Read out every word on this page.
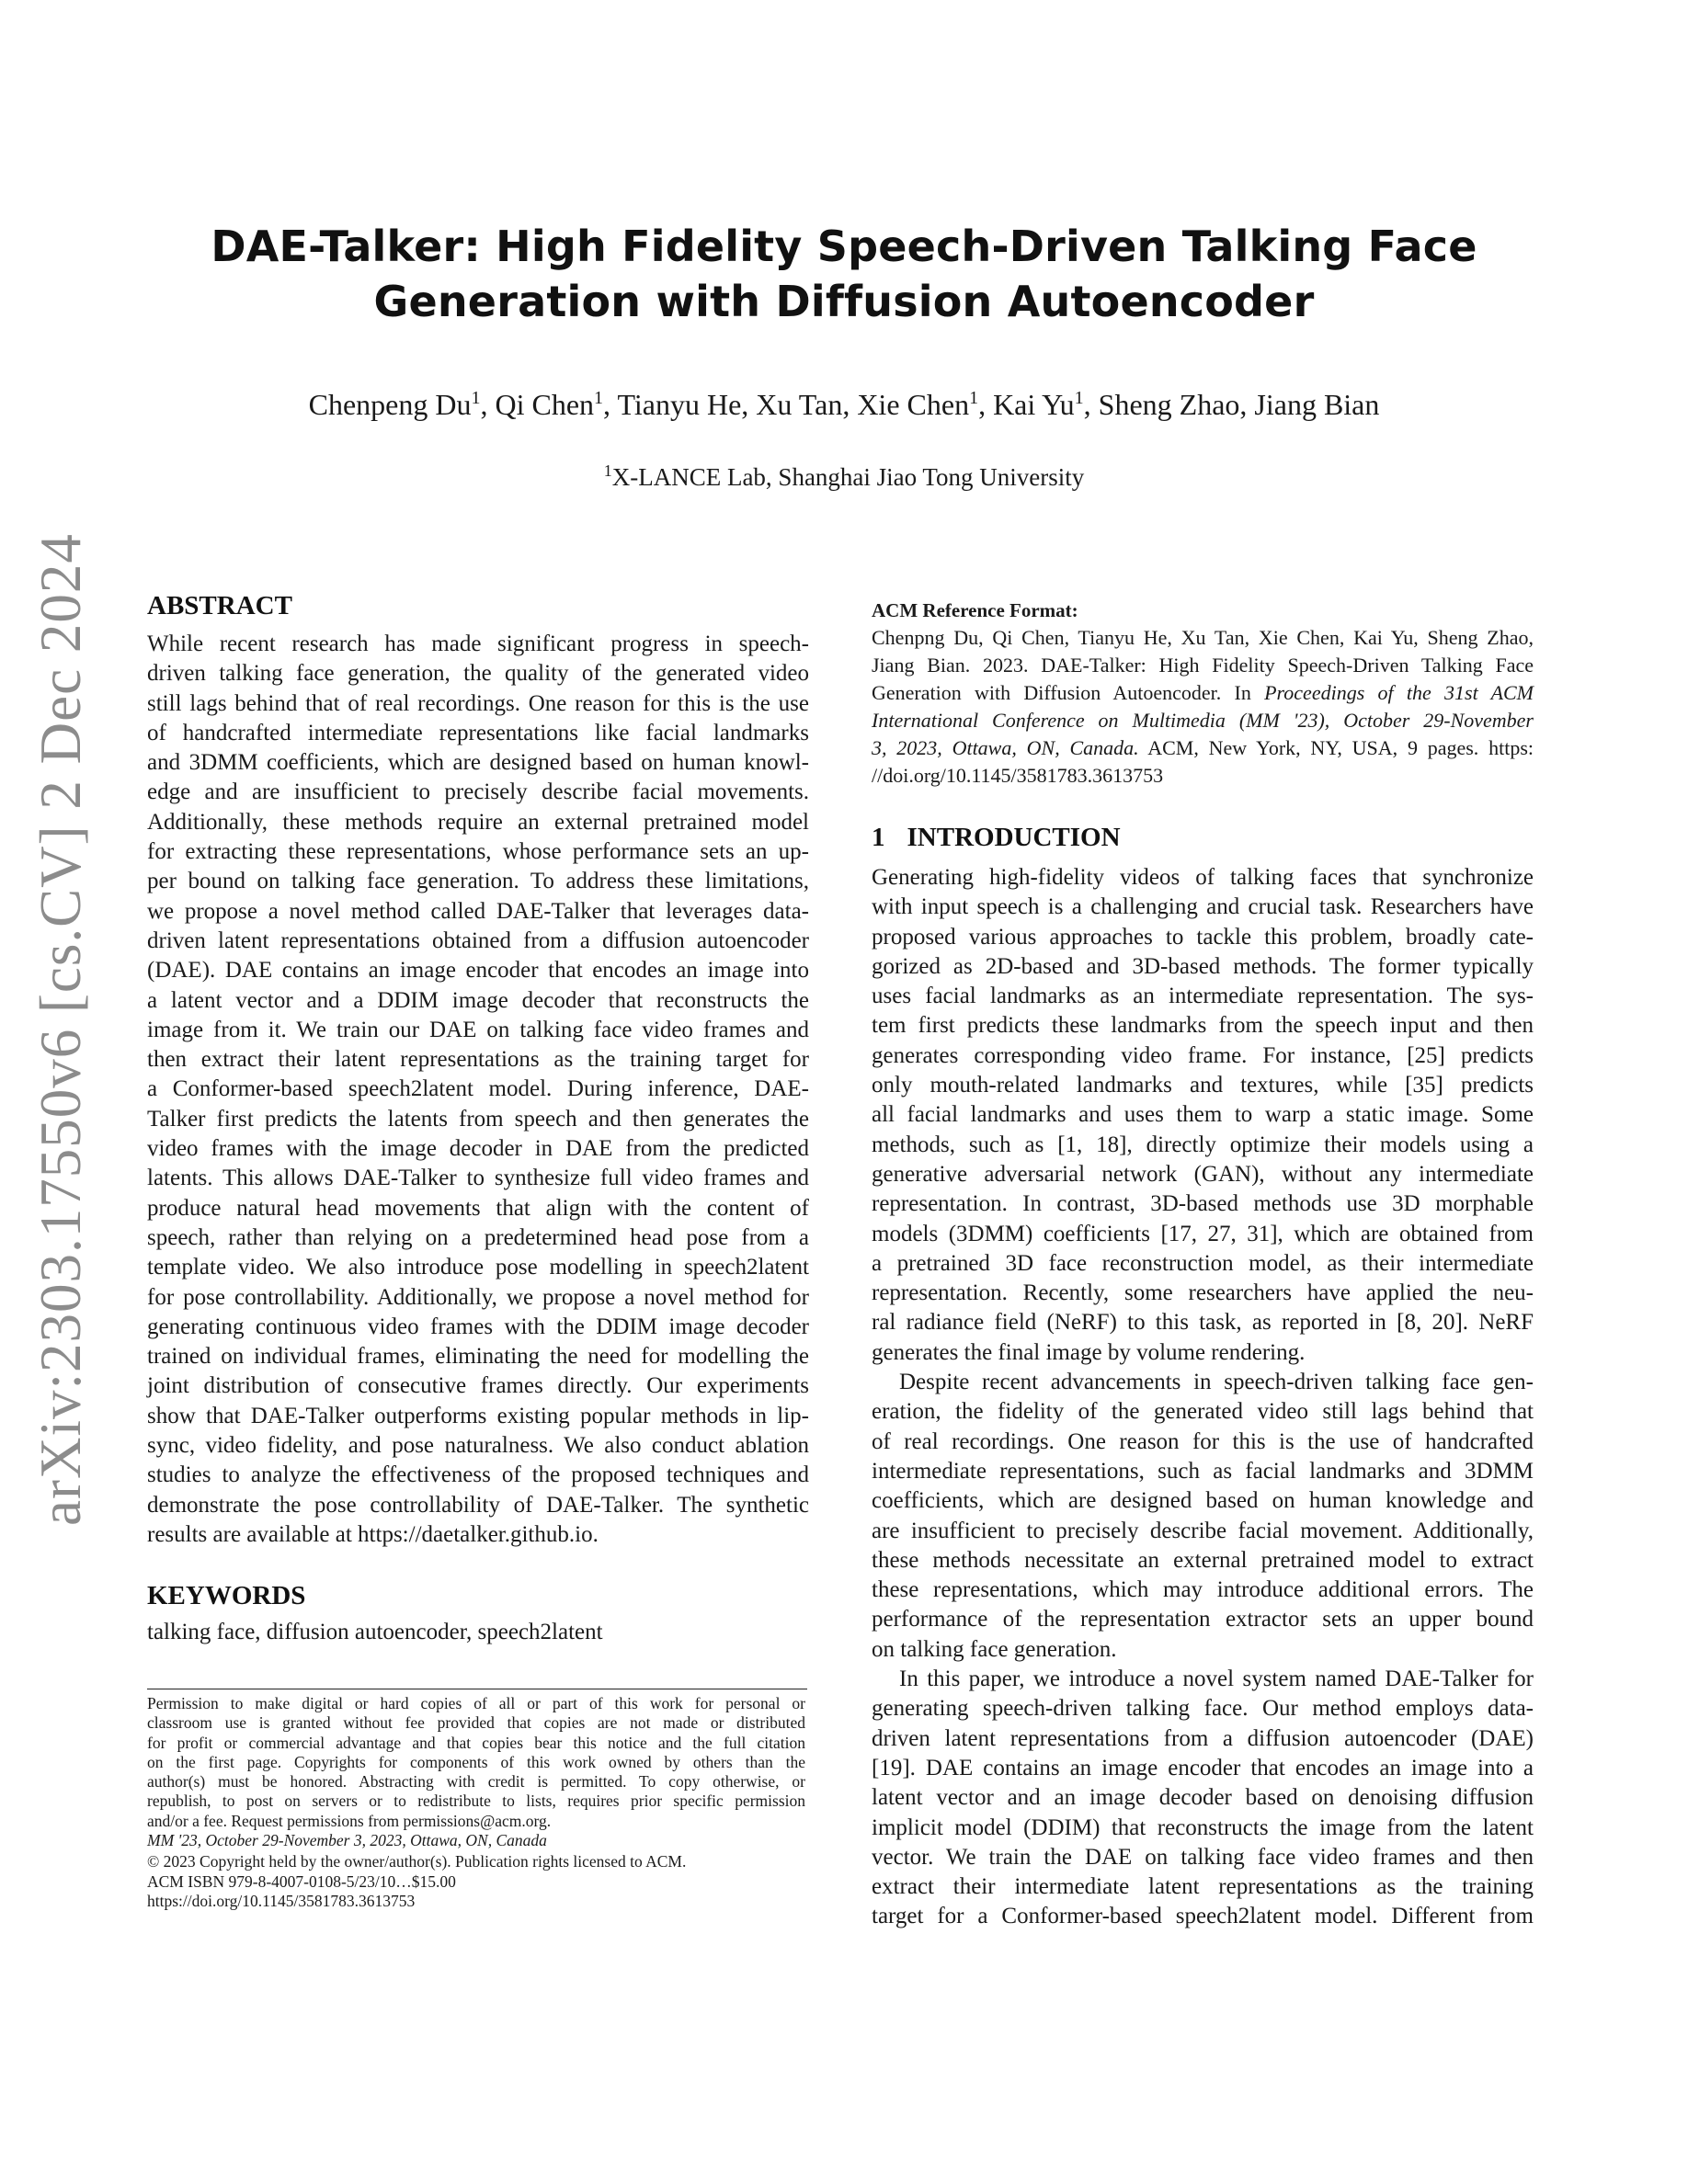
DAE-Talker: High Fidelity Speech-Driven Talking Face
Generation with Diffusion Autoencoder
Chenpeng Du$^1$, Qi Chen$^1$, Tianyu He, Xu Tan, Xie Chen$^1$, Kai Yu$^1$, Sheng Zhao, Jiang Bian
$^1$X-LANCE Lab, Shanghai Jiao Tong University
arXiv:2303.17550v6 [cs.CV] 2 Dec 2024 ABSTRACT
While recent research has made significant progress in speech-
driven talking face generation, the quality of the generated video
still lags behind that of real recordings. One reason for this is the use
of handcrafted intermediate representations like facial landmarks
and 3DMM coefficients, which are designed based on human knowl-
edge and are insufficient to precisely describe facial movements.
Additionally, these methods require an external pretrained model
for extracting these representations, whose performance sets an up-
per bound on talking face generation. To address these limitations,
we propose a novel method called DAE-Talker that leverages data-
driven latent representations obtained from a diffusion autoencoder
(DAE). DAE contains an image encoder that encodes an image into
a latent vector and a DDIM image decoder that reconstructs the
image from it. We train our DAE on talking face video frames and
then extract their latent representations as the training target for
a Conformer-based speech2latent model. During inference, DAE-
Talker first predicts the latents from speech and then generates the
video frames with the image decoder in DAE from the predicted
latents. This allows DAE-Talker to synthesize full video frames and
produce natural head movements that align with the content of
speech, rather than relying on a predetermined head pose from a
template video. We also introduce pose modelling in speech2latent
for pose controllability. Additionally, we propose a novel method for
generating continuous video frames with the DDIM image decoder
trained on individual frames, eliminating the need for modelling the
joint distribution of consecutive frames directly. Our experiments
show that DAE-Talker outperforms existing popular methods in lip-
sync, video fidelity, and pose naturalness. We also conduct ablation
studies to analyze the effectiveness of the proposed techniques and
demonstrate the pose controllability of DAE-Talker. The synthetic
results are available at https://daetalker.github.io.
KEYWORDS
talking face, diffusion autoencoder, speech2latent
Permission to make digital or hard copies of all or part of this work for personal or
classroom use is granted without fee provided that copies are not made or distributed
for profit or commercial advantage and that copies bear this notice and the full citation
on the first page. Copyrights for components of this work owned by others than the
author(s) must be honored. Abstracting with credit is permitted. To copy otherwise, or
republish, to post on servers or to redistribute to lists, requires prior specific permission
and/or a fee. Request permissions from permissions@acm.org.
MM '23, October 29-November 3, 2023, Ottawa, ON, Canada
© 2023 Copyright held by the owner/author(s). Publication rights licensed to ACM.
ACM ISBN 979-8-4007-0108-5/23/10…$15.00
https://doi.org/10.1145/3581783.3613753
ACM Reference Format:
Chenpng Du, Qi Chen, Tianyu He, Xu Tan, Xie Chen, Kai Yu, Sheng Zhao,
Jiang Bian. 2023. DAE-Talker: High Fidelity Speech-Driven Talking Face
Generation with Diffusion Autoencoder. In Proceedings of the 31st ACM
International Conference on Multimedia (MM '23), October 29-November
3, 2023, Ottawa, ON, Canada. ACM, New York, NY, USA, 9 pages. https:
//doi.org/10.1145/3581783.3613753
1 INTRODUCTION
Generating high-fidelity videos of talking faces that synchronize
with input speech is a challenging and crucial task. Researchers have
proposed various approaches to tackle this problem, broadly cate-
gorized as 2D-based and 3D-based methods. The former typically
uses facial landmarks as an intermediate representation. The sys-
tem first predicts these landmarks from the speech input and then
generates corresponding video frame. For instance, [25] predicts
only mouth-related landmarks and textures, while [35] predicts
all facial landmarks and uses them to warp a static image. Some
methods, such as [1, 18], directly optimize their models using a
generative adversarial network (GAN), without any intermediate
representation. In contrast, 3D-based methods use 3D morphable
models (3DMM) coefficients [17, 27, 31], which are obtained from
a pretrained 3D face reconstruction model, as their intermediate
representation. Recently, some researchers have applied the neu-
ral radiance field (NeRF) to this task, as reported in [8, 20]. NeRF
generates the final image by volume rendering.
Despite recent advancements in speech-driven talking face gen-
eration, the fidelity of the generated video still lags behind that
of real recordings. One reason for this is the use of handcrafted
intermediate representations, such as facial landmarks and 3DMM
coefficients, which are designed based on human knowledge and
are insufficient to precisely describe facial movement. Additionally,
these methods necessitate an external pretrained model to extract
these representations, which may introduce additional errors. The
performance of the representation extractor sets an upper bound
on talking face generation.
In this paper, we introduce a novel system named DAE-Talker for
generating speech-driven talking face. Our method employs data-
driven latent representations from a diffusion autoencoder (DAE)
[19]. DAE contains an image encoder that encodes an image into a
latent vector and an image decoder based on denoising diffusion
implicit model (DDIM) that reconstructs the image from the latent
vector. We train the DAE on talking face video frames and then
extract their intermediate latent representations as the training
target for a Conformer-based speech2latent model. Different from
